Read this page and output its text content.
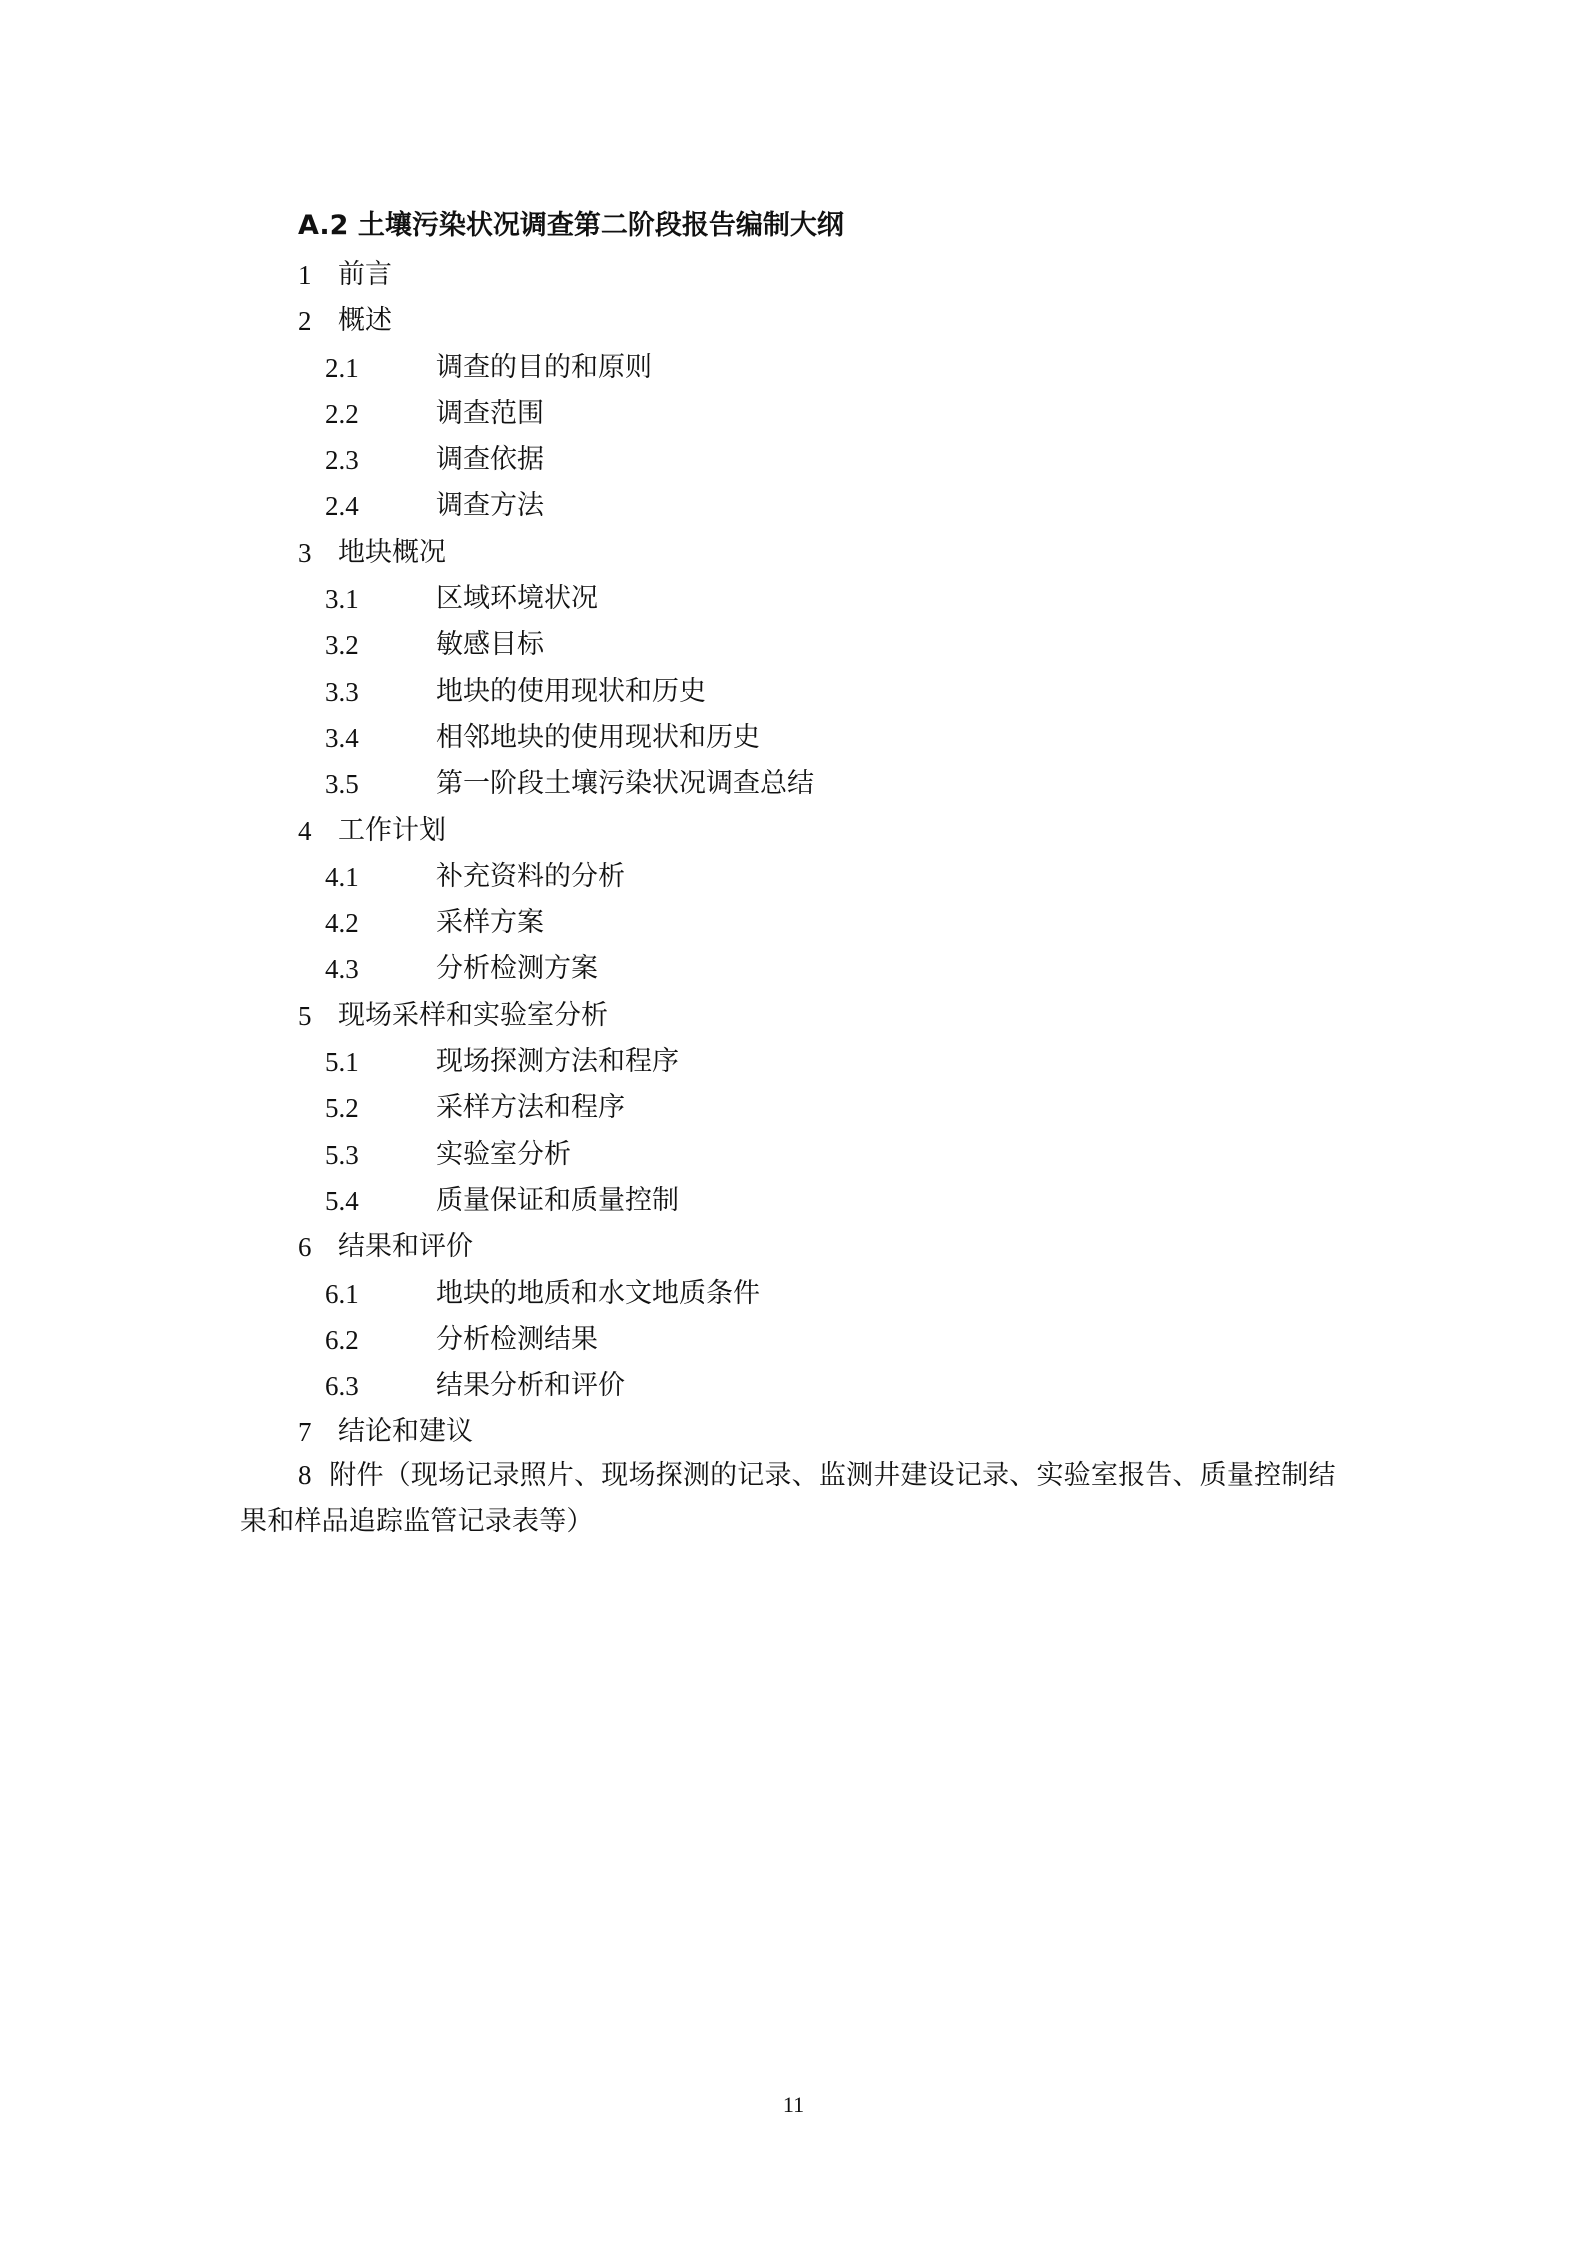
A.2 土壤污染状况调查第二阶段报告编制大纲
1 前言
2 概述
2.1	调查的目的和原则
2.2	调查范围
2.3	调查依据
2.4	调查方法
3 地块概况
3.1	区域环境状况
3.2	敏感目标
3.3	地块的使用现状和历史
3.4	相邻地块的使用现状和历史
3.5	第一阶段土壤污染状况调查总结
4 工作计划
4.1	补充资料的分析
4.2	采样方案
4.3	分析检测方案
5 现场采样和实验室分析
5.1	现场探测方法和程序
5.2	采样方法和程序
5.3	实验室分析
5.4	质量保证和质量控制
6 结果和评价
6.1	地块的地质和水文地质条件
6.2	分析检测结果
6.3	结果分析和评价
7 结论和建议

8 附件（现场记录照片、现场探测的记录、监测井建设记录、实验室报告、质量控制结果和样品追踪监管记录表等）

11
